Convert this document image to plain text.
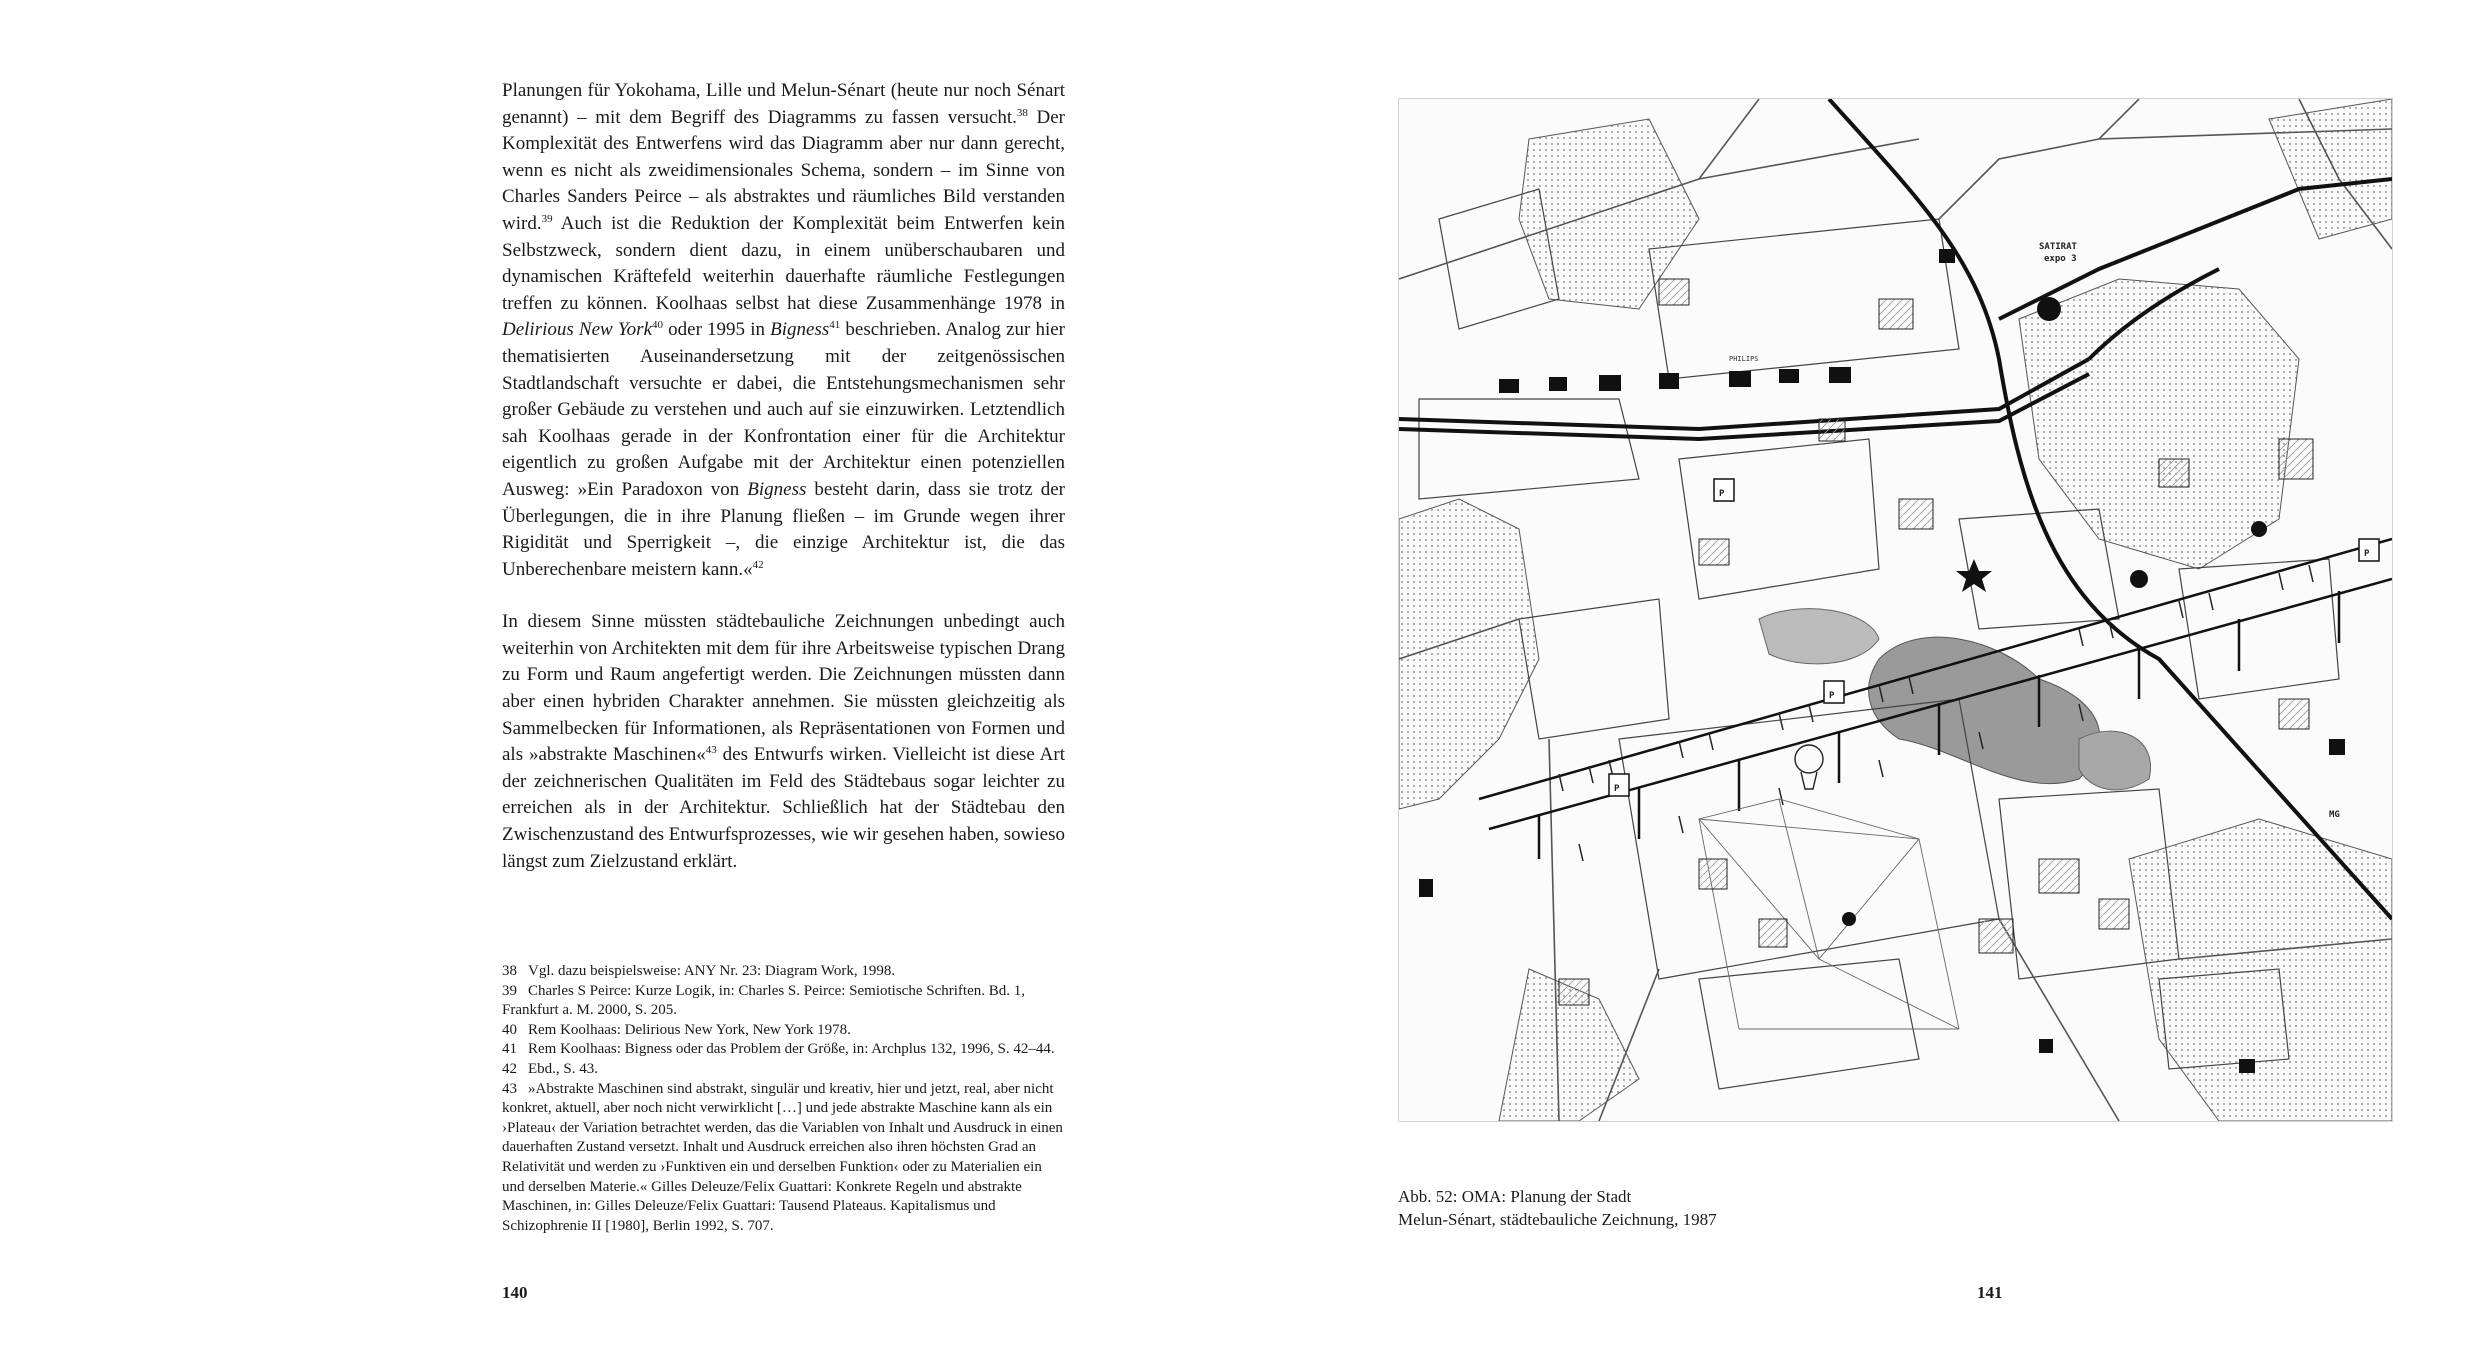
Planungen für Yokohama, Lille und Melun-Sénart (heute nur noch Sénart genannt) – mit dem Begriff des Diagramms zu fassen versucht.$^{38}$ Der Komplexität des Entwerfens wird das Diagramm aber nur dann gerecht, wenn es nicht als zweidimensionales Schema, sondern – im Sinne von Charles Sanders Peirce – als abstraktes und räumliches Bild verstanden wird.$^{39}$ Auch ist die Reduktion der Komplexität beim Entwerfen kein Selbstzweck, sondern dient dazu, in einem unüberschaubaren und dynamischen Kräftefeld weiterhin dauerhafte räumliche Festlegungen treffen zu können. Koolhaas selbst hat diese Zusammenhänge 1978 in Delirious New York$^{40}$ oder 1995 in Bigness$^{41}$ beschrieben. Analog zur hier thematisierten Auseinandersetzung mit der zeitgenössischen Stadtlandschaft versuchte er dabei, die Entstehungsmechanismen sehr großer Gebäude zu verstehen und auch auf sie einzuwirken. Letztendlich sah Koolhaas gerade in der Konfrontation einer für die Architektur eigentlich zu großen Aufgabe mit der Architektur einen potenziellen Ausweg: »Ein Paradoxon von Bigness besteht darin, dass sie trotz der Überlegungen, die in ihre Planung fließen – im Grunde wegen ihrer Rigidität und Sperrigkeit –, die einzige Architektur ist, die das Unberechenbare meistern kann.«$^{42}$

In diesem Sinne müssten städtebauliche Zeichnungen unbedingt auch weiterhin von Architekten mit dem für ihre Arbeitsweise typischen Drang zu Form und Raum angefertigt werden. Die Zeichnungen müssten dann aber einen hybriden Charakter annehmen. Sie müssten gleichzeitig als Sammelbecken für Informationen, als Repräsentationen von Formen und als »abstrakte Maschinen«$^{43}$ des Entwurfs wirken. Vielleicht ist diese Art der zeichnerischen Qualitäten im Feld des Städtebaus sogar leichter zu erreichen als in der Architektur. Schließlich hat der Städtebau den Zwischenzustand des Entwurfsprozesses, wie wir gesehen haben, sowieso längst zum Zielzustand erklärt.

38 Vgl. dazu beispielsweise: ANY Nr. 23: Diagram Work, 1998.
39 Charles S Peirce: Kurze Logik, in: Charles S. Peirce: Semiotische Schriften. Bd. 1, Frankfurt a. M. 2000, S. 205.
40 Rem Koolhaas: Delirious New York, New York 1978.
41 Rem Koolhaas: Bigness oder das Problem der Größe, in: Archplus 132, 1996, S. 42–44.
42 Ebd., S. 43.
43 »Abstrakte Maschinen sind abstrakt, singulär und kreativ, hier und jetzt, real, aber nicht konkret, aktuell, aber noch nicht verwirklicht […] und jede abstrakte Maschine kann als ein ›Plateau‹ der Variation betrachtet werden, das die Variablen von Inhalt und Ausdruck in einen dauerhaften Zustand versetzt. Inhalt und Ausdruck erreichen also ihren höchsten Grad an Relativität und werden zu ›Funktiven ein und derselben Funktion‹ oder zu Materialien ein und derselben Materie.« Gilles Deleuze/Felix Guattari: Konkrete Regeln und abstrakte Maschinen, in: Gilles Deleuze/Felix Guattari: Tausend Plateaus. Kapitalismus und Schizophrenie II [1980], Berlin 1992, S. 707.
140
P
P
P
P
SATIRAT
expo 3
PHILIPS
MG
Abb. 52: OMA: Planung der Stadt
Melun-Sénart, städtebauliche Zeichnung, 1987
141
